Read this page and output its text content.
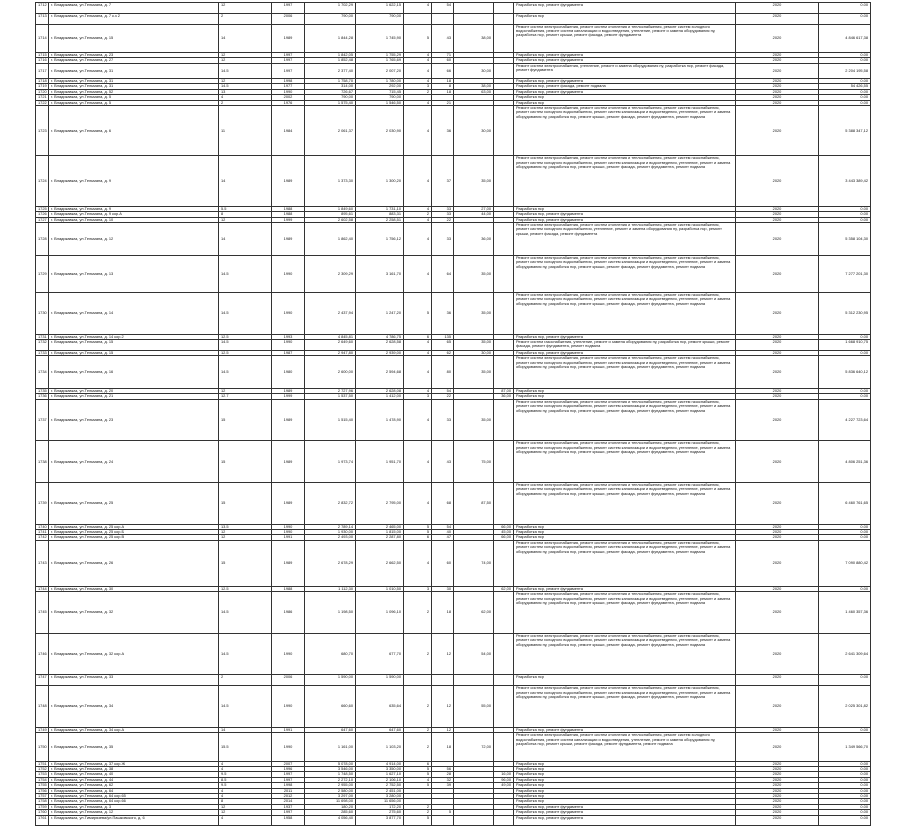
1712	г. Владикавказ, ул.Тельмана, д. 7	12	1997	1 702,29	1 622,15	4	54			Разработка пср, ремонт фундамента	2020	0.00
1713	г. Владикавказ, ул.Тельмана, д. 7 к.з 2	2	2006	790,00	790,00					Разработка пср	2020	0.00
1714	г. Владикавказ, ул.Тельмана, д. 15	14	1989	1 844,28	1 745,90	5	43	38,00		Ремонт систем электроснабжения, ремонт систем отопления и теплоснабжения, ремонт систем холодного водоснабжения, ремонт систем канализации и водоотведения, утепление, ремонт и замена оборудования пу, разработка пср, ремонт крыши, ремонт фасада, ремонт фундамента	2020	4 846 617,38
1715	г. Владикавказ, ул.Тельмана, д. 23	12	1997	1 842,05	1 755,29	4	71			Разработка пср, ремонт фундамента	2020	0.00
1716	г. Владикавказ, ул.Тельмана, д. 27	12	1997	1 852,48	1 765,69	4	60			Разработка пср, ремонт фундамента	2020	0.00
1717	г. Владикавказ, ул.Тельмана, д. 31	14.5	1997	2 377,40	2 007,20	4	66	30,00		Ремонт систем электроснабжения, утепление, ремонт и замена оборудования пу, разработка пср, ремонт фасада, ремонт фундамента	2020	2 204 195,58
1718	г. Владикавказ, ул.Тельмана, д. 31	12	1998	1 758,70	1 780,00	4	18			Разработка пср, ремонт фундамента	2020	0.00
1719	г. Владикавказ, ул.Тельмана, д. 31	14.5	1977	314,00	292,00	3	8	38,00		Разработка пср, ремонт фасада, ремонт подвала	2020	54 426,55
1720	г. Владикавказ, ул.Тельмана, д. 52	13	1990	726,67	715,45	2	18	63,00		Разработка пср, ремонт фундамента	2020	0.00
1721	г. Владикавказ, ул.Тельмана, д. 5	4	2002	790,00	790,00					Разработка пср	2020	0.00
1722	г. Владикавказ, ул.Тельмана, д. 5	2	1976	1 575,40	1 546,50	4	21			Разработка пср	2020	0.00
1723	г. Владикавказ, ул.Тельмана, д. 6	11	1984	2 061,37	2 030,90	4	36	30,00		Ремонт систем электроснабжения, ремонт систем отопления и теплоснабжения, ремонт систем газоснабжения, ремонт систем холодного водоснабжения, ремонт систем канализации и водоотведения, утепление, ремонт и замена оборудования пу, разработка пср, ремонт крыши, ремонт фасада, ремонт фундамента, ремонт подвала	2020	5 388 347,12
1724	г. Владикавказ, ул.Тельмана, д. 9	14	1989	1 373,30	1 300,20	4	37	35,00		Ремонт систем электроснабжения, ремонт систем отопления и теплоснабжения, ремонт систем газоснабжения, ремонт систем холодного водоснабжения, ремонт систем канализации и водоотведения, утепление, ремонт и замена оборудования пу, разработка пср, ремонт крыши, ремонт фасада, ремонт фундамента, ремонт подвала	2020	3 443 389,42
1725	г. Владикавказ, ул.Тельмана, д. 9	5.5	1988	1 849,60	1 731,10	4	33	27,00		Разработка пср	2020	0.00
1726	г. Владикавказ, ул.Тельмана, д. 9 кор.А	8	1988	895,61	883,31	2	33	44,00		Разработка пср, ремонт фундамента	2020	0.00
1727	г. Владикавказ, ул.Тельмана, д. 10	12	1999	2 602,58	2 258,51	4	22			Разработка пср, ремонт фундамента	2020	0.00
1728	г. Владикавказ, ул.Тельмана, д. 12	14	1989	1 862,40	1 756,12	4	33	36,00		Ремонт систем электроснабжения, ремонт систем отопления и теплоснабжения, ремонт систем газоснабжения, ремонт систем холодного водоснабжения, утепление, ремонт и замена оборудования пу, разработка пср, ремонт крыши, ремонт фасада, ремонт фундамента	2020	5 358 104,30
1729	г. Владикавказ, ул.Тельмана, д. 13	14.5	1990	2 309,29	3 161,70	4	64	35,00		Ремонт систем электроснабжения, ремонт систем отопления и теплоснабжения, ремонт систем газоснабжения, ремонт систем холодного водоснабжения, ремонт систем канализации и водоотведения, утепление, ремонт и замена оборудования пу, разработка пср, ремонт крыши, ремонт фасада, ремонт фундамента, ремонт подвала	2020	7 277 201,30
1730	г. Владикавказ, ул.Тельмана, д. 14	14.5	1990	2 437,94	1 247,20	5	36	35,00		Ремонт систем электроснабжения, ремонт систем отопления и теплоснабжения, ремонт систем газоснабжения, ремонт систем холодного водоснабжения, ремонт систем канализации и водоотведения, утепление, ремонт и замена оборудования пу, разработка пср, ремонт крыши, ремонт фасада, ремонт фундамента, ремонт подвала	2020	5 312 230,95
1731	г. Владикавказ, ул.Тельмана, д. 14 кор.2	12.5	1993	4 845,81	4 786,75	6	135			Разработка пср, ремонт фундамента	2020	0.00
1732	г. Владикавказ, ул.Тельмана, д. 15	14.5	1990	2 649,60	2 628,58	4	65	35,00		Ремонт систем газоснабжения, утепление, ремонт и замена оборудования пу, разработка пср, ремонт крыши, ремонт фасада, ремонт фундамента, ремонт подвала	2020	1 668 910,75
1733	г. Владикавказ, ул.Тельмана, д. 15	12.5	1987	2 947,80	2 939,00	4	62	30,00		Разработка пср, ремонт фундамента	2020	0.00
1734	г. Владикавказ, ул.Тельмана, д. 16	14.5	1980	2 600,00	2 594,68	4	80	35,00		Ремонт систем электроснабжения, ремонт систем отопления и теплоснабжения, ремонт систем газоснабжения, ремонт систем холодного водоснабжения, ремонт систем канализации и водоотведения, утепление, ремонт и замена оборудования пу, разработка пср, ремонт крыши, ремонт фасада, ремонт фундамента, ремонт подвала	2020	5 836 640,12
1735	г. Владикавказ, ул.Тельмана, д. 20	12	1989	2 727,96	2 628,08	4	54		87,00	Разработка пср	2020	0.00
1736	г. Владикавказ, ул.Тельмана, д. 21	12.7	1999	1 537,50	1 412,00	3	22		36,00	Разработка пср	2020	0.00
1737	г. Владикавказ, ул.Тельмана, д. 23	15	1989	1 515,40	1 478,90	4	33	35,00		Ремонт систем электроснабжения, ремонт систем отопления и теплоснабжения, ремонт систем газоснабжения, ремонт систем холодного водоснабжения, ремонт систем канализации и водоотведения, утепление, ремонт и замена оборудования пу, разработка пср, ремонт крыши, ремонт фасада, ремонт фундамента, ремонт подвала	2020	4 227 723,64
1738	г. Владикавказ, ул.Тельмана, д. 24	15	1989	1 973,74	1 951,70	4	43	75,00		Ремонт систем электроснабжения, ремонт систем отопления и теплоснабжения, ремонт систем газоснабжения, ремонт систем холодного водоснабжения, ремонт систем канализации и водоотведения, утепление, ремонт и замена оборудования пу, разработка пср, ремонт крыши, ремонт фасада, ремонт фундамента, ремонт подвала	2020	4 806 251,36
1739	г. Владикавказ, ул.Тельмана, д. 25	15	1989	2 832,72	2 795,00	4	68	87,50		Ремонт систем электроснабжения, ремонт систем отопления и теплоснабжения, ремонт систем газоснабжения, ремонт систем холодного водоснабжения, ремонт систем канализации и водоотведения, утепление, ремонт и замена оборудования пу, разработка пср, ремонт крыши, ремонт фасада, ремонт фундамента, ремонт подвала	2020	6 460 761,65
1740	г. Владикавказ, ул.Тельмана, д. 25 кор.А	13.5	1990	2 789,14	2 465,00	5	54		66,00	Разработка пср	2020	0.00
1741	г. Владикавказ, ул.Тельмана, д. 25 кор.Б	12	1990	1 930,00	1 815,00	5	40		45,00	Разработка пср	2020	0.00
1742	г. Владикавказ, ул.Тельмана, д. 25 кор.В	12	1991	2 493,00	2 287,80	6	47		66,00	Разработка пср	2020	0.00
1743	г. Владикавказ, ул.Тельмана, д. 26	15	1989	2 678,29	2 662,50	4	60	74,00		Ремонт систем электроснабжения, ремонт систем отопления и теплоснабжения, ремонт систем газоснабжения, ремонт систем холодного водоснабжения, ремонт систем канализации и водоотведения, утепление, ремонт и замена оборудования пу, разработка пср, ремонт крыши, ремонт фасада, ремонт фундамента, ремонт подвала	2020	7 090 880,42
1744	г. Владикавказ, ул.Тельмана, д. 30	12.5	1988	1 112,30	1 010,50	3	30		62,00	Разработка пср, ремонт фундамента	2020	0.00
1745	г. Владикавказ, ул.Тельмана, д. 32	14.5	1986	1 198,50	1 096,10	2	18	62,00		Ремонт систем электроснабжения, ремонт систем отопления и теплоснабжения, ремонт систем газоснабжения, ремонт систем холодного водоснабжения, ремонт систем канализации и водоотведения, утепление, ремонт и замена оборудования пу, разработка пср, ремонт крыши, ремонт фасада, ремонт фундамента, ремонт подвала	2020	1 460 357,36
1746	г. Владикавказ, ул.Тельмана, д. 32 кор.А	14.5	1990	680,70	677,70	2	12	54,00		Ремонт систем электроснабжения, ремонт систем отопления и теплоснабжения, ремонт систем газоснабжения, ремонт систем холодного водоснабжения, ремонт систем канализации и водоотведения, утепление, ремонт и замена оборудования пу, разработка пср, ремонт крыши, ремонт фасада, ремонт фундамента, ремонт подвала	2020	2 641 309,64
1747	г. Владикавказ, ул.Тельмана, д. 33	2	2006	1 590,00	1 590,00					Разработка пср	2020	0.00
1748	г. Владикавказ, ул.Тельмана, д. 34	14.5	1990	660,60	635,64	2	12	55,00		Ремонт систем электроснабжения, ремонт систем отопления и теплоснабжения, ремонт систем газоснабжения, ремонт систем холодного водоснабжения, ремонт систем канализации и водоотведения, утепление, ремонт и замена оборудования пу, разработка пср, ремонт крыши, ремонт фасада, ремонт фундамента, ремонт подвала	2020	2 025 301,82
1749	г. Владикавказ, ул.Тельмана, д. 34 кор.А	14	1991	647,60	647,60	2	12			Разработка пср, ремонт фундамента	2020	0.00
1750	г. Владикавказ, ул.Тельмана, д. 35	15.5	1990	1 161,00	1 103,20	2	18	72,00		Ремонт систем электроснабжения, ремонт систем отопления и теплоснабжения, ремонт систем холодного водоснабжения, ремонт систем канализации и водоотведения, утепление, ремонт и замена оборудования пу, разработка пср, ремонт крыши, ремонт фасада, ремонт фундамента, ремонт подвала	2020	1 349 566,70
1751	г. Владикавказ, ул.Тельмана, д. 37 кор.Ж	4	2007	5 078,00	4 914,00	6				Разработка пср	2020	0.00
1752	г. Владикавказ, ул.Тельмана, д. 38	4	1996	3 546,00	3 350,00	5	56			Разработка пср	2020	0.00
1753	г. Владикавказ, ул.Тельмана, д. 40	9.5	1997	1 748,50	1 627,10	5	28		16,00	Разработка пср	2020	0.00
1754	г. Владикавказ, ул.Тельмана, д. 44	8.5	1997	2 272,10	2 106,10	4	32		96,00	Разработка пср	2020	0.00
1755	г. Владикавказ, ул.Тельмана, д. 62	9.5	1998	2 955,00	2 752,50	5	39		49,00	Разработка пср	2020	0.00
1756	г. Владикавказ, ул.Тельмана, д. 64	4	2011	2 580,00	2 451,00					Разработка пср	2020	0.00
1757	г. Владикавказ, ул.Тельмана, д. 64 кор.65	4	2012	3 297,00	3 280,00					Разработка пср	2020	0.00
1758	г. Владикавказ, ул.Тельмана, д. 64 кор.66	8	2014	11 698,00	11 656,00					Разработка пср	2020	0.00
1759	г. Владикавказ, ул.Тельмана, д. 3	12	1937	180,20	172,20	2				Разработка пср, ремонт фундамента	2020	0.00
1760	г. Владикавказ, ул.Тельмана, д. 12	12	1997	285,60	275,60	2	5			Разработка пср, ремонт фундамента	2020	0.00
1761	г. Владикавказ, ул.Тимирязева/ул.Пашковского, д. 6	4	1958	4 056,40	3 877,70	5				Разработка пср, ремонт фундамента	2020	0.00
